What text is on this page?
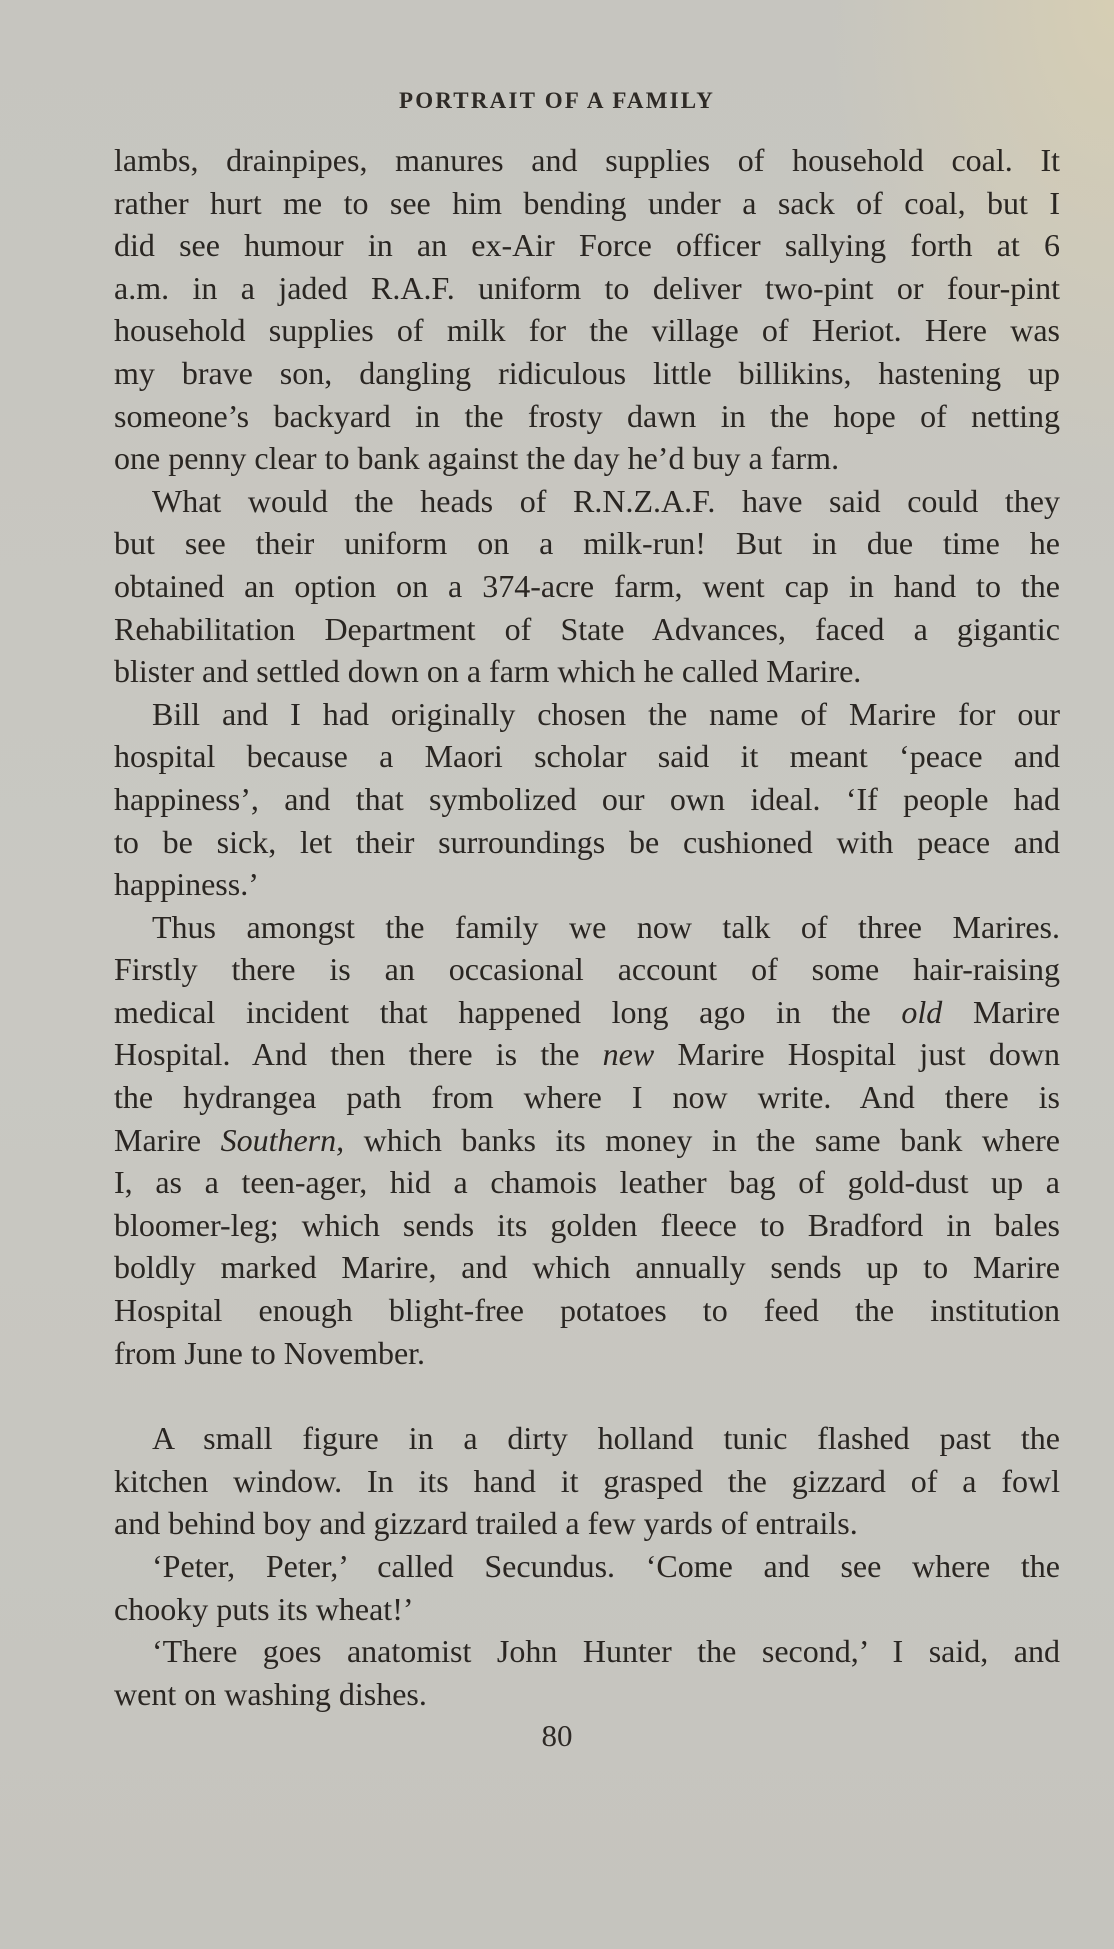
PORTRAIT OF A FAMILY
lambs, drainpipes, manures and supplies of household coal. It
rather hurt me to see him bending under a sack of coal, but I
did see humour in an ex-Air Force officer sallying forth at 6
a.m. in a jaded R.A.F. uniform to deliver two-pint or four-pint
household supplies of milk for the village of Heriot. Here was
my brave son, dangling ridiculous little billikins, hastening up
someone’s backyard in the frosty dawn in the hope of netting
one penny clear to bank against the day he’d buy a farm.
What would the heads of R.N.Z.A.F. have said could they
but see their uniform on a milk-run! But in due time he
obtained an option on a 374-acre farm, went cap in hand to the
Rehabilitation Department of State Advances, faced a gigantic
blister and settled down on a farm which he called Marire.
Bill and I had originally chosen the name of Marire for our
hospital because a Maori scholar said it meant ‘peace and
happiness’, and that symbolized our own ideal. ‘If people had
to be sick, let their surroundings be cushioned with peace and
happiness.’
Thus amongst the family we now talk of three Marires.
Firstly there is an occasional account of some hair-raising
medical incident that happened long ago in the old Marire
Hospital. And then there is the new Marire Hospital just down
the hydrangea path from where I now write. And there is
Marire Southern, which banks its money in the same bank where
I, as a teen-ager, hid a chamois leather bag of gold-dust up a
bloomer-leg; which sends its golden fleece to Bradford in bales
boldly marked Marire, and which annually sends up to Marire
Hospital enough blight-free potatoes to feed the institution
from June to November.
A small figure in a dirty holland tunic flashed past the
kitchen window. In its hand it grasped the gizzard of a fowl
and behind boy and gizzard trailed a few yards of entrails.
‘Peter, Peter,’ called Secundus. ‘Come and see where the
chooky puts its wheat!’
‘There goes anatomist John Hunter the second,’ I said, and
went on washing dishes.
80
